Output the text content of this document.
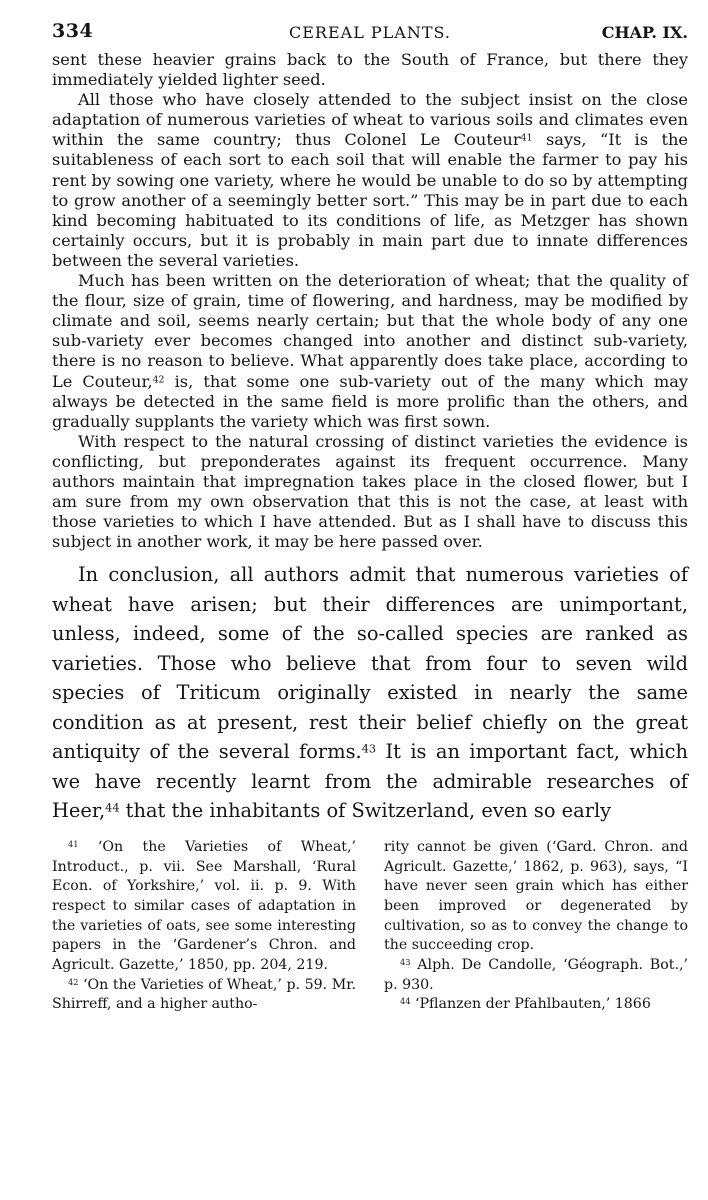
334	CEREAL PLANTS.	CHAP. IX.

sent these heavier grains back to the South of France, but there they immediately yielded lighter seed.

All those who have closely attended to the subject insist on the close adaptation of numerous varieties of wheat to various soils and climates even within the same country; thus Colonel Le Couteur$^{41}$ says, “It is the suitableness of each sort to each soil that will enable the farmer to pay his rent by sowing one variety, where he would be unable to do so by attempting to grow another of a seemingly better sort.” This may be in part due to each kind becoming habituated to its conditions of life, as Metzger has shown certainly occurs, but it is probably in main part due to innate differences between the several varieties.

Much has been written on the deterioration of wheat; that the quality of the flour, size of grain, time of flowering, and hardness, may be modified by climate and soil, seems nearly certain; but that the whole body of any one sub-variety ever becomes changed into another and distinct sub-variety, there is no reason to believe. What apparently does take place, according to Le Couteur,$^{42}$ is, that some one sub-variety out of the many which may always be detected in the same field is more prolific than the others, and gradually supplants the variety which was first sown.

With respect to the natural crossing of distinct varieties the evidence is conflicting, but preponderates against its frequent occurrence. Many authors maintain that impregnation takes place in the closed flower, but I am sure from my own observation that this is not the case, at least with those varieties to which I have attended. But as I shall have to discuss this subject in another work, it may be here passed over.

In conclusion, all authors admit that numerous varieties of wheat have arisen; but their differences are unimportant, unless, indeed, some of the so-called species are ranked as varieties. Those who believe that from four to seven wild species of Triticum originally existed in nearly the same condition as at present, rest their belief chiefly on the great antiquity of the several forms.$^{43}$ It is an important fact, which we have recently learnt from the admirable researches of Heer,$^{44}$ that the inhabitants of Switzerland, even so early

$^{41}$ ‘On the Varieties of Wheat,’ Introduct., p. vii. See Marshall, ‘Rural Econ. of Yorkshire,’ vol. ii. p. 9. With respect to similar cases of adaptation in the varieties of oats, see some interesting papers in the ‘Gardener’s Chron. and Agricult. Gazette,’ 1850, pp. 204, 219.

$^{42}$ ‘On the Varieties of Wheat,’ p. 59. Mr. Shirreff, and a higher autho-

rity cannot be given (‘Gard. Chron. and Agricult. Gazette,’ 1862, p. 963), says, “I have never seen grain which has either been improved or degenerated by cultivation, so as to convey the change to the succeeding crop.

$^{43}$ Alph. De Candolle, ‘Géograph. Bot.,’ p. 930.

$^{44}$ ‘Pflanzen der Pfahlbauten,’ 1866
